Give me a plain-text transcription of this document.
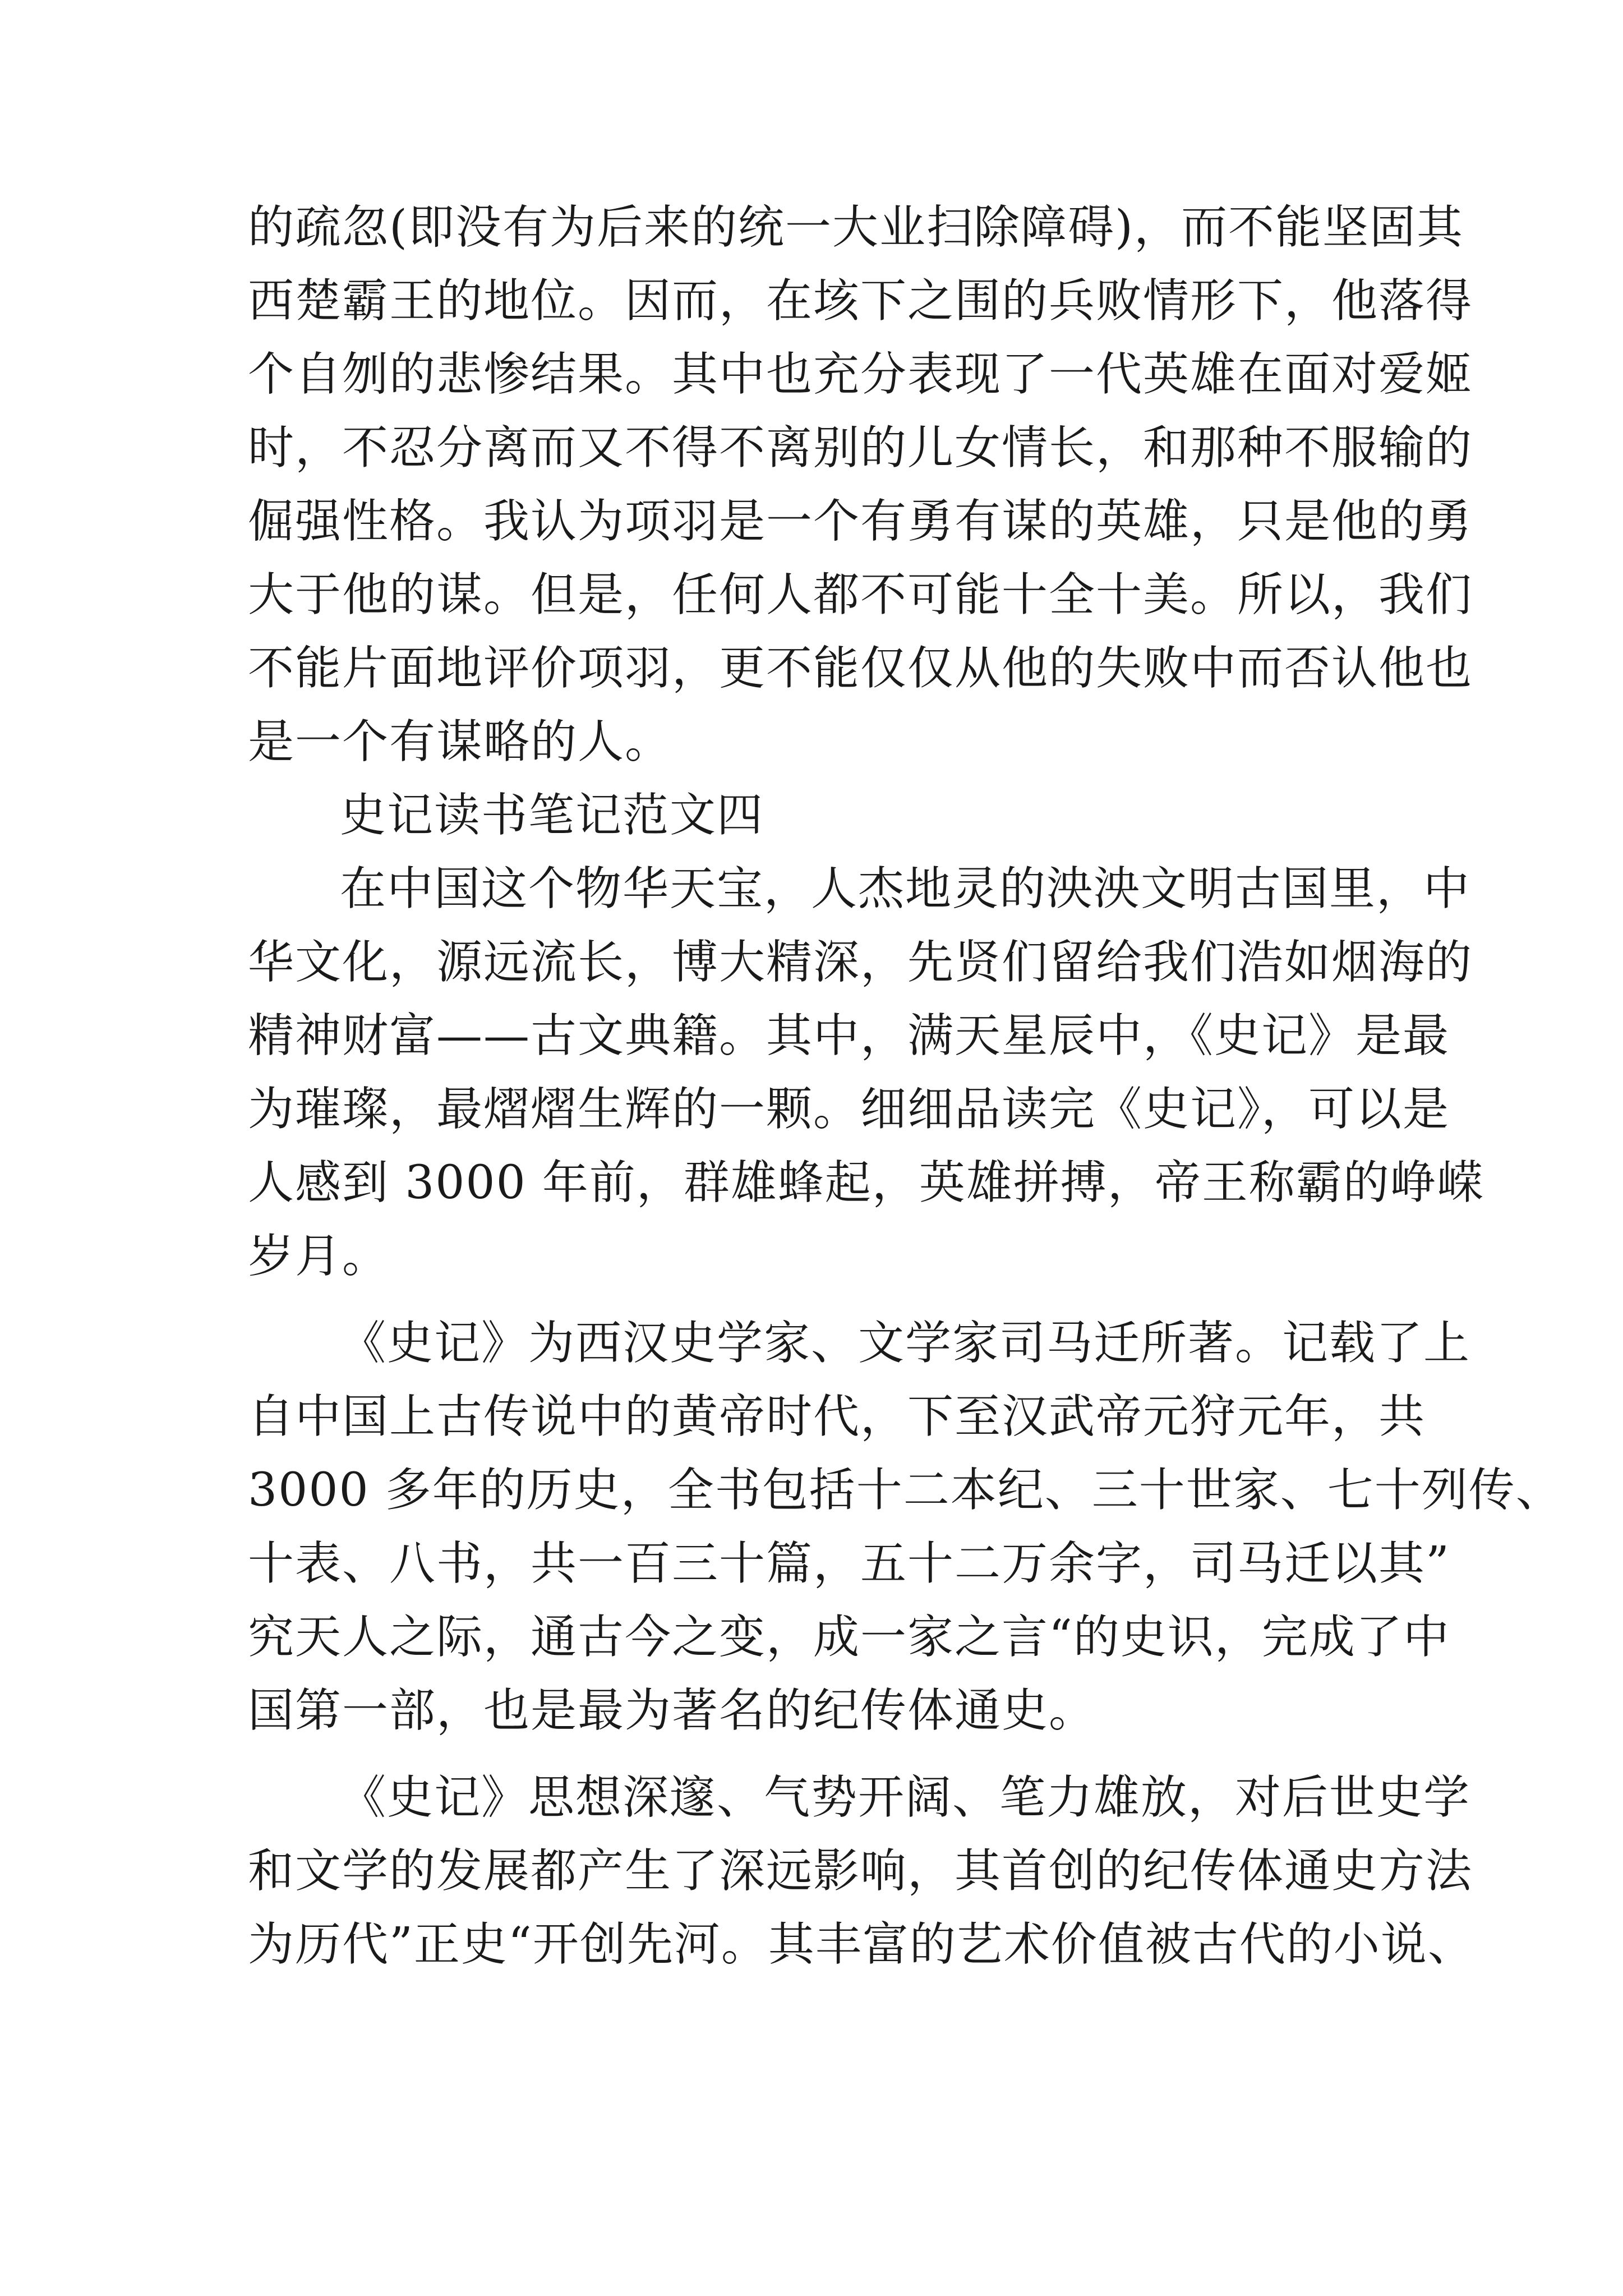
的疏忽(即没有为后来的统一大业扫除障碍)，而不能坚固其
西楚霸王的地位。因而，在垓下之围的兵败情形下，他落得
个自刎的悲惨结果。其中也充分表现了一代英雄在面对爱姬
时，不忍分离而又不得不离别的儿女情长，和那种不服输的
倔强性格。我认为项羽是一个有勇有谋的英雄，只是他的勇
大于他的谋。但是，任何人都不可能十全十美。所以，我们
不能片面地评价项羽，更不能仅仅从他的失败中而否认他也
是一个有谋略的人。
史记读书笔记范文四
在中国这个物华天宝，人杰地灵的泱泱文明古国里，中
华文化，源远流长，博大精深，先贤们留给我们浩如烟海的
精神财富——古文典籍。其中，满天星辰中，《史记》是最
为璀璨，最熠熠生辉的一颗。细细品读完《史记》，可以是
人感到 3000 年前，群雄蜂起，英雄拼搏，帝王称霸的峥嵘
岁月。
《史记》为西汉史学家、文学家司马迁所著。记载了上
自中国上古传说中的黄帝时代，下至汉武帝元狩元年，共
3000 多年的历史，全书包括十二本纪、三十世家、七十列传、
十表、八书，共一百三十篇，五十二万余字，司马迁以其”
究天人之际，通古今之变，成一家之言“的史识，完成了中
国第一部，也是最为著名的纪传体通史。
《史记》思想深邃、气势开阔、笔力雄放，对后世史学
和文学的发展都产生了深远影响，其首创的纪传体通史方法
为历代”正史“开创先河。其丰富的艺术价值被古代的小说、
